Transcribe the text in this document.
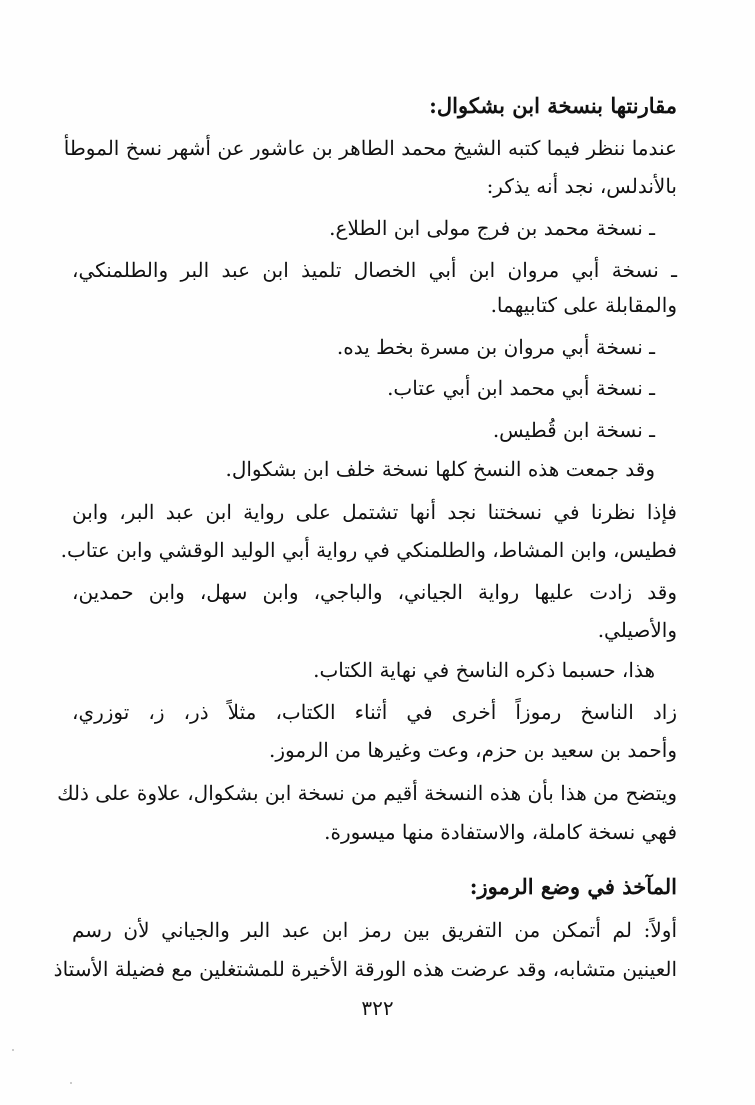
مقارنتها بنسخة ابن بشكوال:
عندما ننظر فيما كتبه الشيخ محمد الطاهر بن عاشور عن أشهر نسخ الموطأ
بالأندلس، نجد أنه يذكر:
ـ نسخة محمد بن فرج مولى ابن الطلاع.
ـ نسخة أبي مروان ابن أبي الخصال تلميذ ابن عبد البر والطلمنكي،
والمقابلة على كتابيهما.
ـ نسخة أبي مروان بن مسرة بخط يده.
ـ نسخة أبي محمد ابن أبي عتاب.
ـ نسخة ابن قُطيس.
وقد جمعت هذه النسخ كلها نسخة خلف ابن بشكوال.
فإذا نظرنا في نسختنا نجد أنها تشتمل على رواية ابن عبد البر، وابن
فطيس، وابن المشاط، والطلمنكي في رواية أبي الوليد الوقشي وابن عتاب.
وقد زادت عليها رواية الجياني، والباجي، وابن سهل، وابن حمدين،
والأصيلي.
هذا، حسبما ذكره الناسخ في نهاية الكتاب.
زاد الناسخ رموزاً أخرى في أثناء الكتاب، مثلاً ذر، ز، توزري،
وأحمد بن سعيد بن حزم، وعت وغيرها من الرموز.
ويتضح من هذا بأن هذه النسخة أقيم من نسخة ابن بشكوال، علاوة على ذلك
فهي نسخة كاملة، والاستفادة منها ميسورة.
المآخذ في وضع الرموز:
أولاً: لم أتمكن من التفريق بين رمز ابن عبد البر والجياني لأن رسم
العينين متشابه، وقد عرضت هذه الورقة الأخيرة للمشتغلين مع فضيلة الأستاذ
٣٢٢
